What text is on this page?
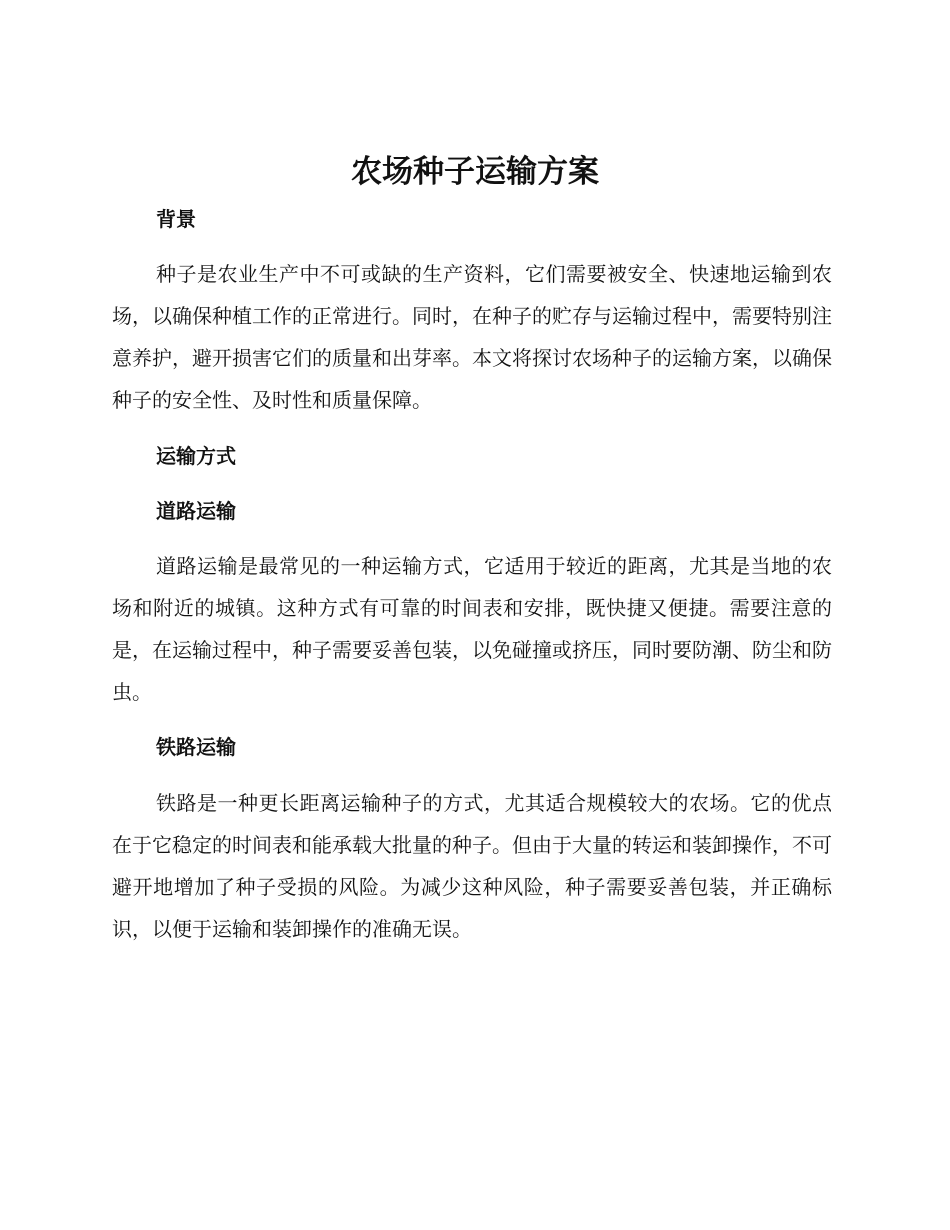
农场种子运输方案
背景

种子是农业生产中不可或缺的生产资料，它们需要被安全、快速地运输到农场，以确保种植工作的正常进行。同时，在种子的贮存与运输过程中，需要特别注意养护，避开损害它们的质量和出芽率。本文将探讨农场种子的运输方案，以确保种子的安全性、及时性和质量保障。

运输方式
道路运输

道路运输是最常见的一种运输方式，它适用于较近的距离，尤其是当地的农场和附近的城镇。这种方式有可靠的时间表和安排，既快捷又便捷。需要注意的是，在运输过程中，种子需要妥善包装，以免碰撞或挤压，同时要防潮、防尘和防虫。

铁路运输

铁路是一种更长距离运输种子的方式，尤其适合规模较大的农场。它的优点在于它稳定的时间表和能承载大批量的种子。但由于大量的转运和装卸操作，不可避开地增加了种子受损的风险。为减少这种风险，种子需要妥善包装，并正确标识，以便于运输和装卸操作的准确无误。
